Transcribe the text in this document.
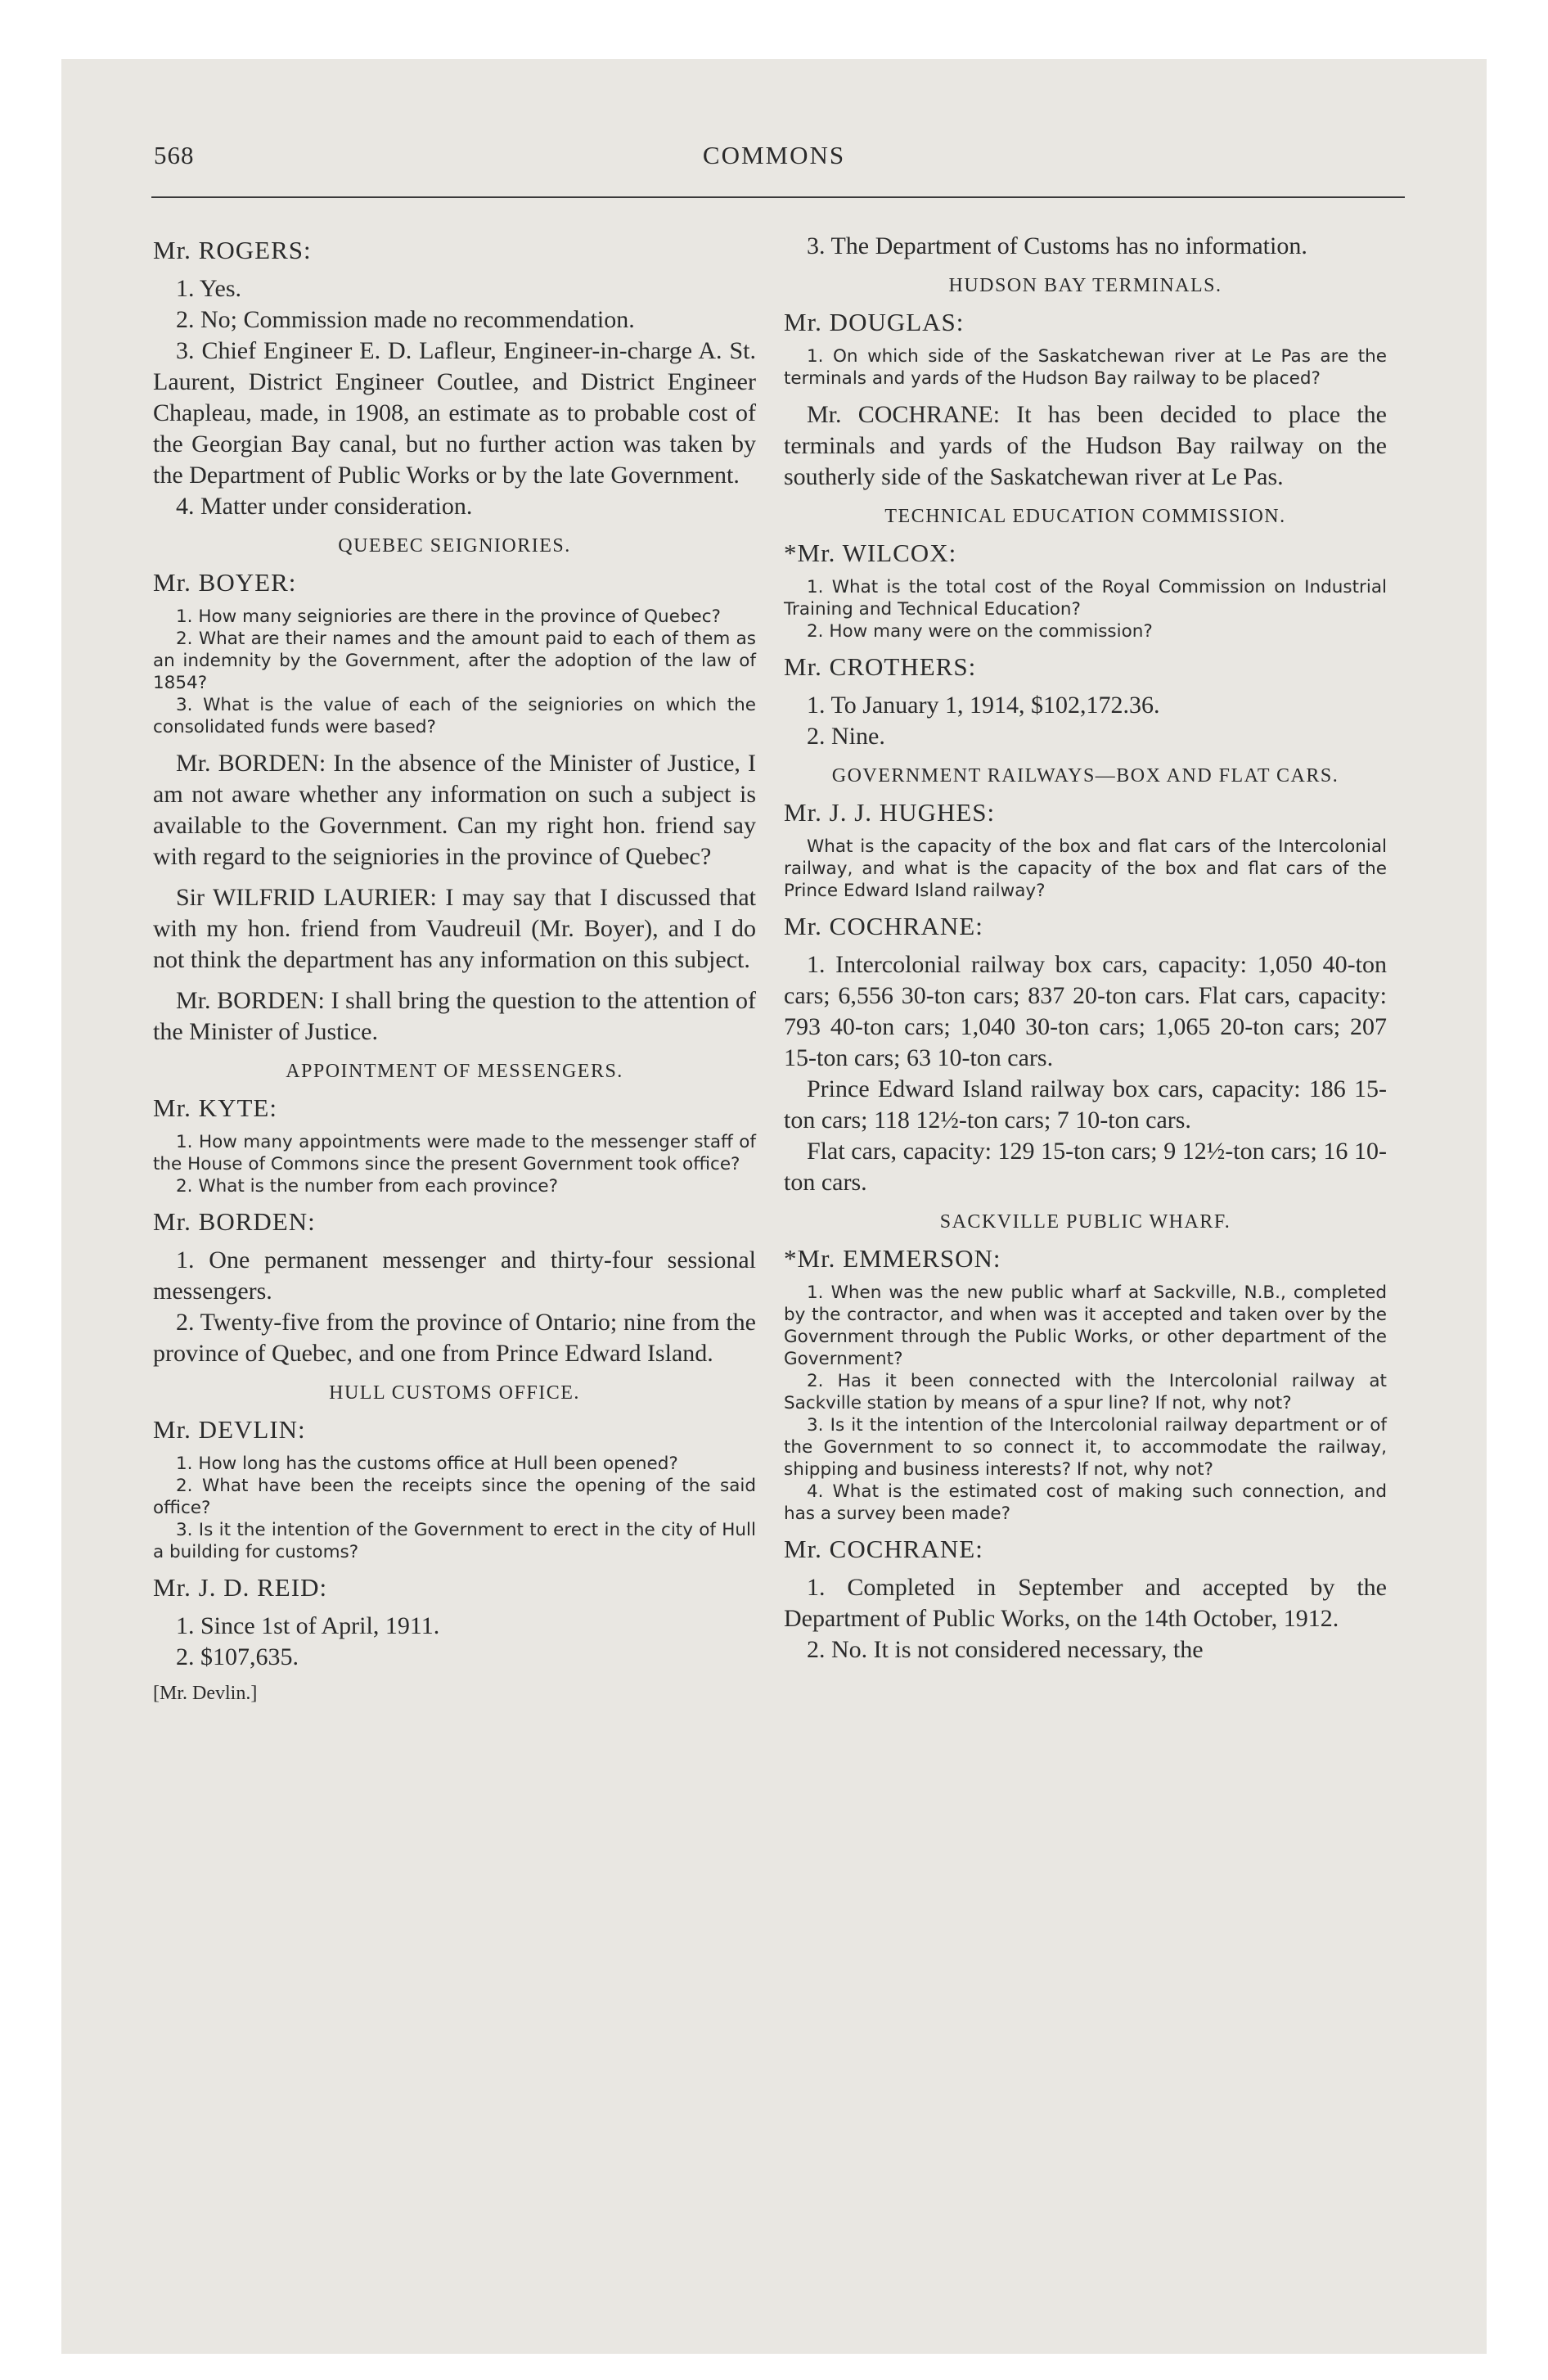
568	COMMONS
Mr. ROGERS:

1. Yes.

2. No; Commission made no recommendation.

3. Chief Engineer E. D. Lafleur, Engineer-in-charge A. St. Laurent, District Engineer Coutlee, and District Engineer Chapleau, made, in 1908, an estimate as to probable cost of the Georgian Bay canal, but no further action was taken by the Department of Public Works or by the late Government.

4. Matter under consideration.

QUEBEC SEIGNIORIES.
Mr. BOYER:

1. How many seigniories are there in the province of Quebec?

2. What are their names and the amount paid to each of them as an indemnity by the Government, after the adoption of the law of 1854?

3. What is the value of each of the seigniories on which the consolidated funds were based?

Mr. BORDEN: In the absence of the Minister of Justice, I am not aware whether any information on such a subject is available to the Government. Can my right hon. friend say with regard to the seigniories in the province of Quebec?

Sir WILFRID LAURIER: I may say that I discussed that with my hon. friend from Vaudreuil (Mr. Boyer), and I do not think the department has any information on this subject.

Mr. BORDEN: I shall bring the question to the attention of the Minister of Justice.

APPOINTMENT OF MESSENGERS.
Mr. KYTE:

1. How many appointments were made to the messenger staff of the House of Commons since the present Government took office?

2. What is the number from each province?

Mr. BORDEN:

1. One permanent messenger and thirty-four sessional messengers.

2. Twenty-five from the province of Ontario; nine from the province of Quebec, and one from Prince Edward Island.

HULL CUSTOMS OFFICE.
Mr. DEVLIN:

1. How long has the customs office at Hull been opened?

2. What have been the receipts since the opening of the said office?

3. Is it the intention of the Government to erect in the city of Hull a building for customs?

Mr. J. D. REID:

1. Since 1st of April, 1911.

2. $107,635.

[Mr. Devlin.]

3. The Department of Customs has no information.

HUDSON BAY TERMINALS.
Mr. DOUGLAS:

1. On which side of the Saskatchewan river at Le Pas are the terminals and yards of the Hudson Bay railway to be placed?

Mr. COCHRANE: It has been decided to place the terminals and yards of the Hudson Bay railway on the southerly side of the Saskatchewan river at Le Pas.

TECHNICAL EDUCATION COMMISSION.
*Mr. WILCOX:

1. What is the total cost of the Royal Commission on Industrial Training and Technical Education?

2. How many were on the commission?

Mr. CROTHERS:

1. To January 1, 1914, $102,172.36.

2. Nine.

GOVERNMENT RAILWAYS—BOX AND FLAT CARS.
Mr. J. J. HUGHES:

What is the capacity of the box and flat cars of the Intercolonial railway, and what is the capacity of the box and flat cars of the Prince Edward Island railway?

Mr. COCHRANE:

1. Intercolonial railway box cars, capacity: 1,050 40-ton cars; 6,556 30-ton cars; 837 20-ton cars. Flat cars, capacity: 793 40-ton cars; 1,040 30-ton cars; 1,065 20-ton cars; 207 15-ton cars; 63 10-ton cars.

Prince Edward Island railway box cars, capacity: 186 15-ton cars; 118 12½-ton cars; 7 10-ton cars.

Flat cars, capacity: 129 15-ton cars; 9 12½-ton cars; 16 10-ton cars.

SACKVILLE PUBLIC WHARF.
*Mr. EMMERSON:

1. When was the new public wharf at Sackville, N.B., completed by the contractor, and when was it accepted and taken over by the Government through the Public Works, or other department of the Government?

2. Has it been connected with the Intercolonial railway at Sackville station by means of a spur line? If not, why not?

3. Is it the intention of the Intercolonial railway department or of the Government to so connect it, to accommodate the railway, shipping and business interests? If not, why not?

4. What is the estimated cost of making such connection, and has a survey been made?

Mr. COCHRANE:

1. Completed in September and accepted by the Department of Public Works, on the 14th October, 1912.

2. No. It is not considered necessary, the
